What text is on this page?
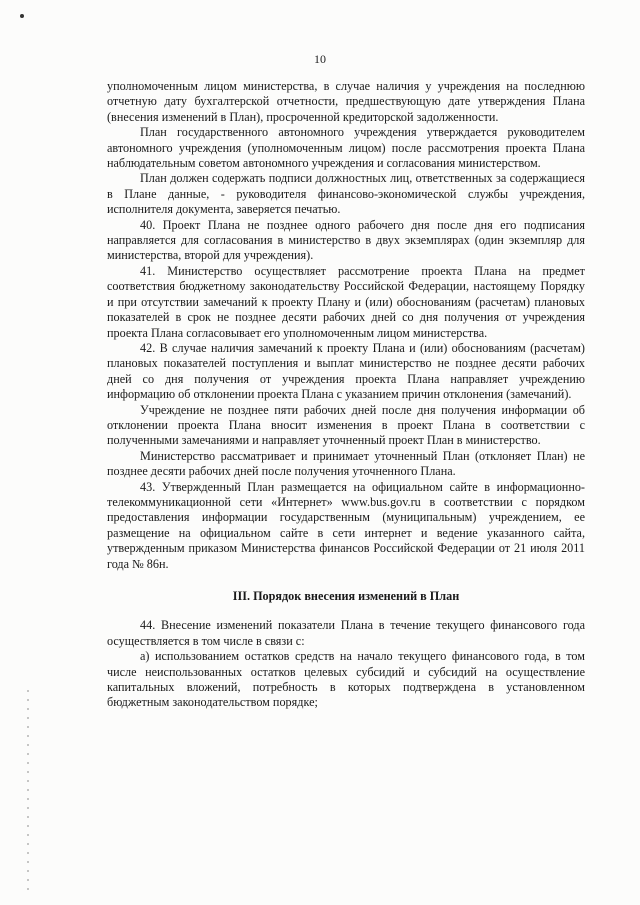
10

уполномоченным лицом министерства, в случае наличия у учреждения на последнюю отчетную дату бухгалтерской отчетности, предшествующую дате утверждения Плана (внесения изменений в План), просроченной кредиторской задолженности.

План государственного автономного учреждения утверждается руководителем автономного учреждения (уполномоченным лицом) после рассмотрения проекта Плана наблюдательным советом автономного учреждения и согласования министерством.

План должен содержать подписи должностных лиц, ответственных за содержащиеся в Плане данные, - руководителя финансово-экономической службы учреждения, исполнителя документа, заверяется печатью.

40. Проект Плана не позднее одного рабочего дня после дня его подписания направляется для согласования в министерство в двух экземплярах (один экземпляр для министерства, второй для учреждения).

41. Министерство осуществляет рассмотрение проекта Плана на предмет соответствия бюджетному законодательству Российской Федерации, настоящему Порядку и при отсутствии замечаний к проекту Плану и (или) обоснованиям (расчетам) плановых показателей в срок не позднее десяти рабочих дней со дня получения от учреждения проекта Плана согласовывает его уполномоченным лицом министерства.

42. В случае наличия замечаний к проекту Плана и (или) обоснованиям (расчетам) плановых показателей поступления и выплат министерство не позднее десяти рабочих дней со дня получения от учреждения проекта Плана направляет учреждению информацию об отклонении проекта Плана с указанием причин отклонения (замечаний).

Учреждение не позднее пяти рабочих дней после дня получения информации об отклонении проекта Плана вносит изменения в проект Плана в соответствии с полученными замечаниями и направляет уточненный проект План в министерство.

Министерство рассматривает и принимает уточненный План (отклоняет План) не позднее десяти рабочих дней после получения уточненного Плана.

43. Утвержденный План размещается на официальном сайте в информационно-телекоммуникационной сети «Интернет» www.bus.gov.ru в соответствии с порядком предоставления информации государственным (муниципальным) учреждением, ее размещение на официальном сайте в сети интернет и ведение указанного сайта, утвержденным приказом Министерства финансов Российской Федерации от 21 июля 2011 года № 86н.

III. Порядок внесения изменений в План

44. Внесение изменений показатели Плана в течение текущего финансового года осуществляется в том числе в связи с:

а) использованием остатков средств на начало текущего финансового года, в том числе неиспользованных остатков целевых субсидий и субсидий на осуществление капитальных вложений, потребность в которых подтверждена в установленном бюджетным законодательством порядке;
